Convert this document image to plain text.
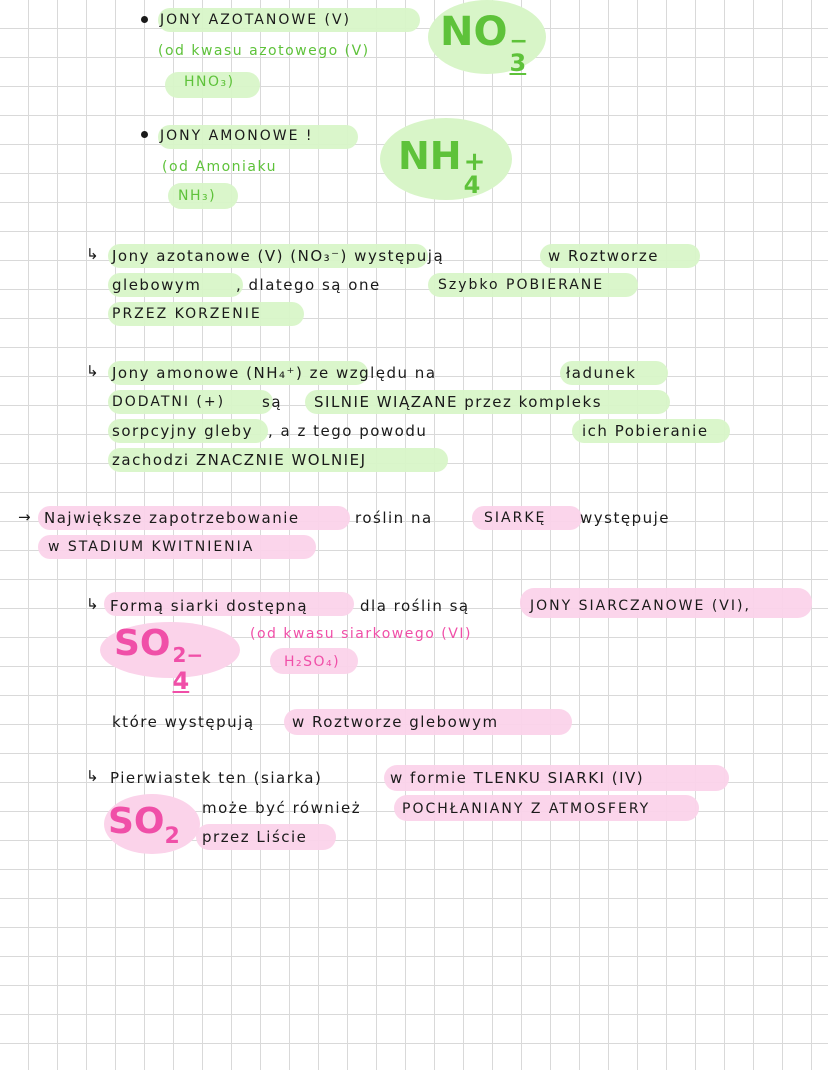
JONY AZOTANOWE (V)
(od kwasu azotowego (V)
HNO₃)
NO −
3
JONY AMONOWE !
(od Amoniaku
NH₃)
NH +
4
↳ Jony azotanowe (V) (NO₃⁻) występują	w Roztworze
glebowym , dlatego są one	Szybko POBIERANE
PRZEZ KORZENIE
↳ Jony amonowe (NH₄⁺) ze względu na	ładunek
DODATNI (+) są SILNIE WIĄZANE przez kompleks
sorpcyjny gleby , a z tego powodu	ich Pobieranie
zachodzi ZNACZNIE WOLNIEJ
→ Największe zapotrzebowanie	roślin na	SIARKĘ występuje
w STADIUM KWITNIENIA
↳ Formą siarki dostępną	dla roślin są	JONY SIARCZANOWE (VI),
SO 2−
4
(od kwasu siarkowego (VI)
H₂SO₄)
które występują w Roztworze glebowym
↳ Pierwiastek ten (siarka)	w formie TLENKU SIARKI (IV)
$SO_2$
może być również	POCHŁANIANY Z ATMOSFERY
przez Liście
